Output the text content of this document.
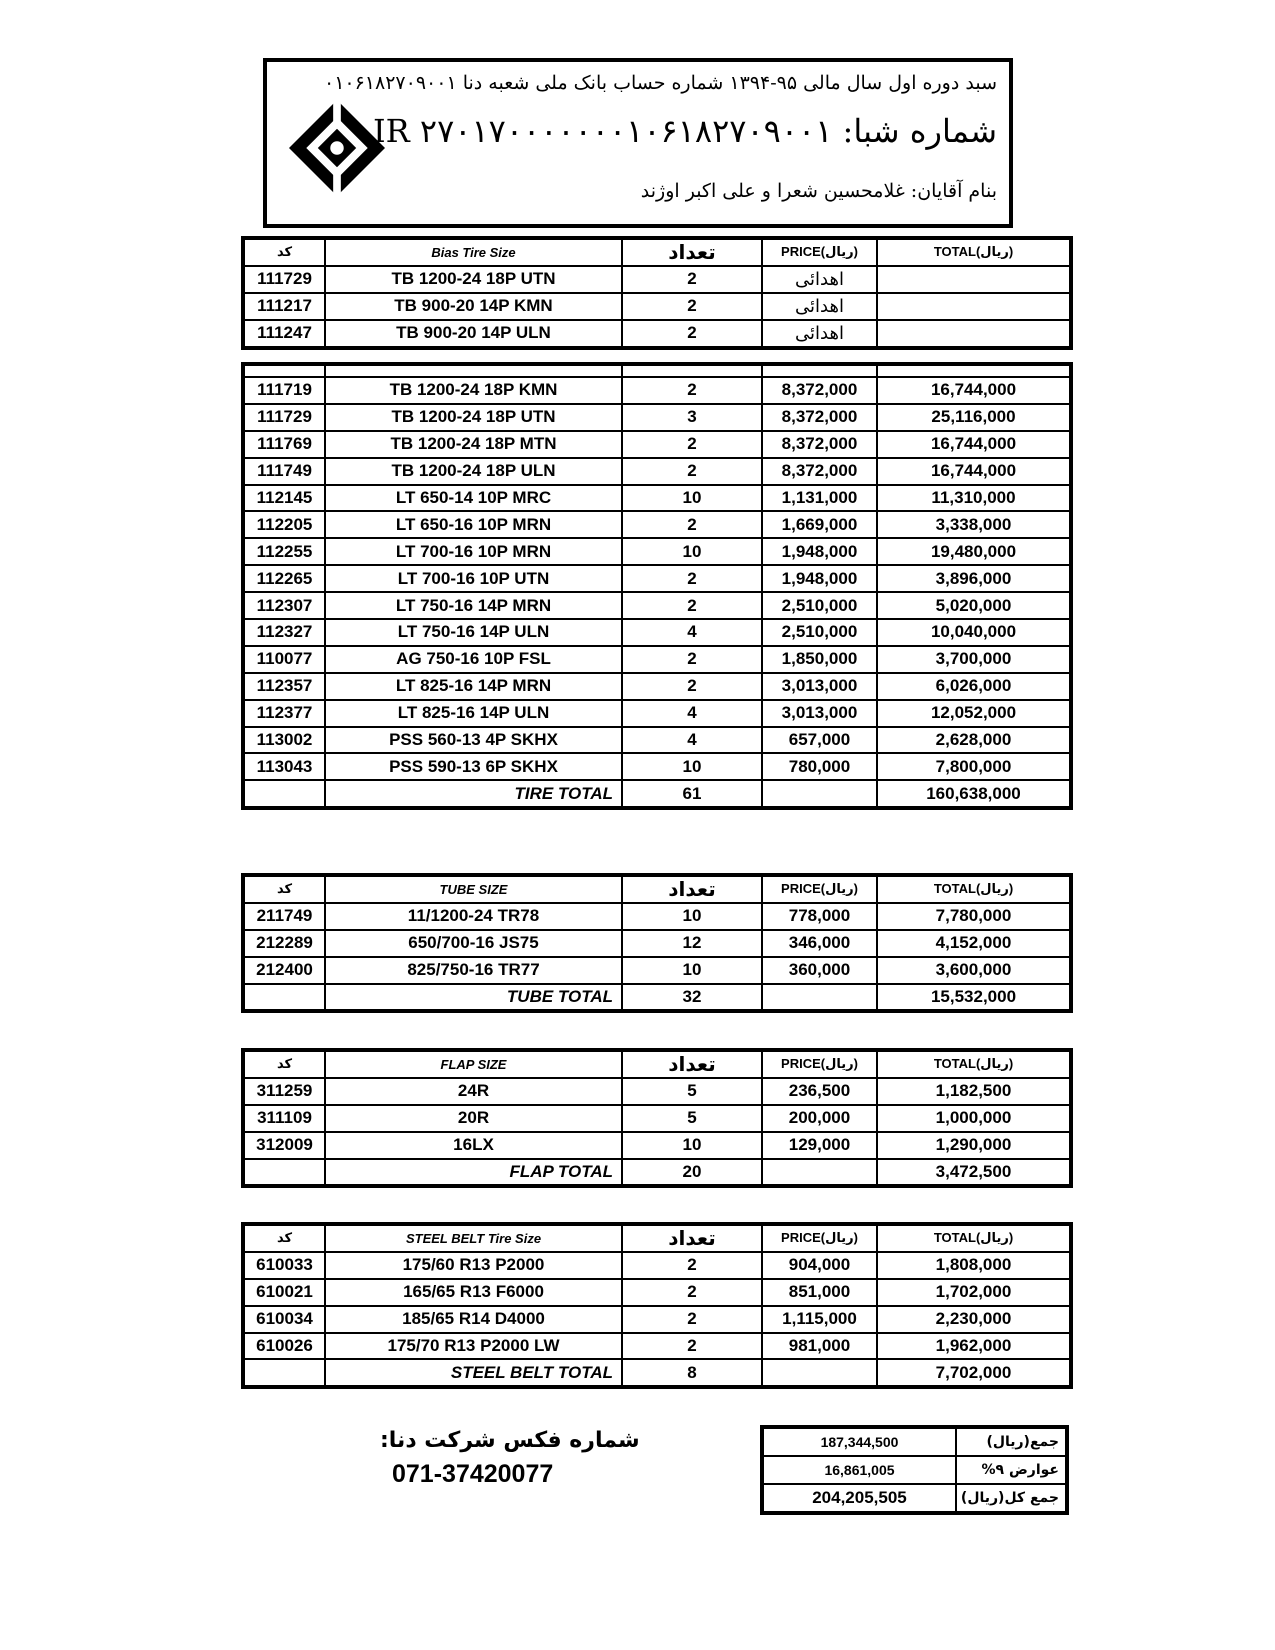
سبد دوره اول سال مالی ۹۵-۱۳۹۴ شماره حساب بانک ملی شعبه دنا ۰۱۰۶۱۸۲۷۰۹۰۰۱
شماره شبا: IR ۲۷۰۱۷۰۰۰۰۰۰۰۱۰۶۱۸۲۷۰۹۰۰۱
بنام آقایان: غلامحسین شعرا و علی اکبر اوژند
کد	Bias Tire Size	تعداد	PRICE(ریال)	TOTAL(ریال)
111729	TB 1200-24 18P UTN	2	اهدائی	
111217	TB 900-20 14P KMN	2	اهدائی	
111247	TB 900-20 14P ULN	2	اهدائی	

111719	TB 1200-24 18P KMN	2	8,372,000	16,744,000
111729	TB 1200-24 18P UTN	3	8,372,000	25,116,000
111769	TB 1200-24 18P MTN	2	8,372,000	16,744,000
111749	TB 1200-24 18P ULN	2	8,372,000	16,744,000
112145	LT 650-14 10P MRC	10	1,131,000	11,310,000
112205	LT 650-16 10P MRN	2	1,669,000	3,338,000
112255	LT 700-16 10P MRN	10	1,948,000	19,480,000
112265	LT 700-16 10P UTN	2	1,948,000	3,896,000
112307	LT 750-16 14P MRN	2	2,510,000	5,020,000
112327	LT 750-16 14P ULN	4	2,510,000	10,040,000
110077	AG 750-16 10P FSL	2	1,850,000	3,700,000
112357	LT 825-16 14P MRN	2	3,013,000	6,026,000
112377	LT 825-16 14P ULN	4	3,013,000	12,052,000
113002	PSS 560-13 4P SKHX	4	657,000	2,628,000
113043	PSS 590-13 6P SKHX	10	780,000	7,800,000
	TIRE TOTAL	61		160,638,000
کد	TUBE SIZE	تعداد	PRICE(ریال)	TOTAL(ریال)
211749	11/1200-24 TR78	10	778,000	7,780,000
212289	650/700-16 JS75	12	346,000	4,152,000
212400	825/750-16 TR77	10	360,000	3,600,000
	TUBE TOTAL	32		15,532,000
کد	FLAP SIZE	تعداد	PRICE(ریال)	TOTAL(ریال)
311259	24R	5	236,500	1,182,500
311109	20R	5	200,000	1,000,000
312009	16LX	10	129,000	1,290,000
	FLAP TOTAL	20		3,472,500
کد	STEEL BELT Tire Size	تعداد	PRICE(ریال)	TOTAL(ریال)
610033	175/60 R13 P2000	2	904,000	1,808,000
610021	165/65 R13 F6000	2	851,000	1,702,000
610034	185/65 R14 D4000	2	1,115,000	2,230,000
610026	175/70 R13 P2000 LW	2	981,000	1,962,000
	STEEL BELT TOTAL	8		7,702,000
شماره فکس شرکت دنا:
071-37420077
187,344,500	جمع(ریال)
16,861,005	عوارض ۹%
204,205,505	جمع کل(ریال)
